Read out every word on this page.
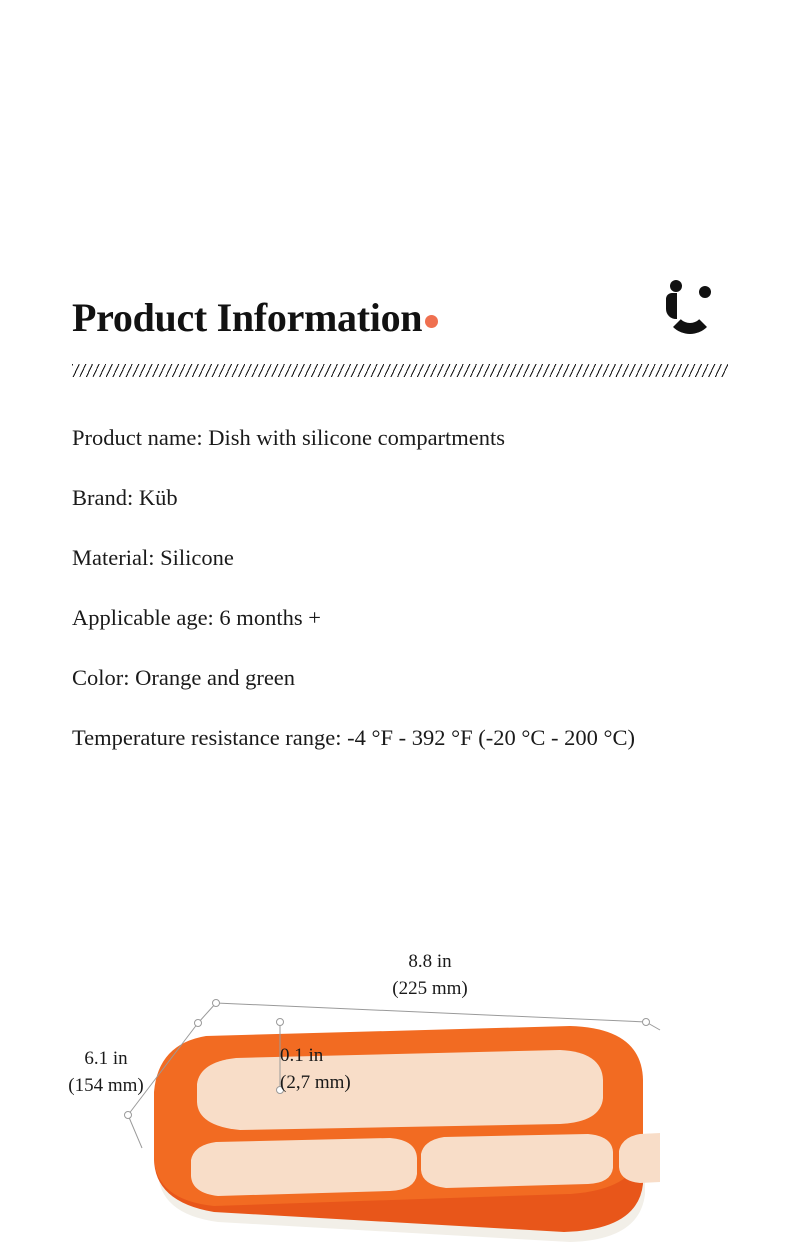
Product Information
Product name: Dish with silicone compartments
Brand: Küb
Material: Silicone
Applicable age: 6 months +
Color: Orange and green
Temperature resistance range: -4 °F - 392 °F (-20 °C - 200 °C)
8.8 in
(225 mm)
6.1 in
(154 mm)
0.1 in
(2,7 mm)
